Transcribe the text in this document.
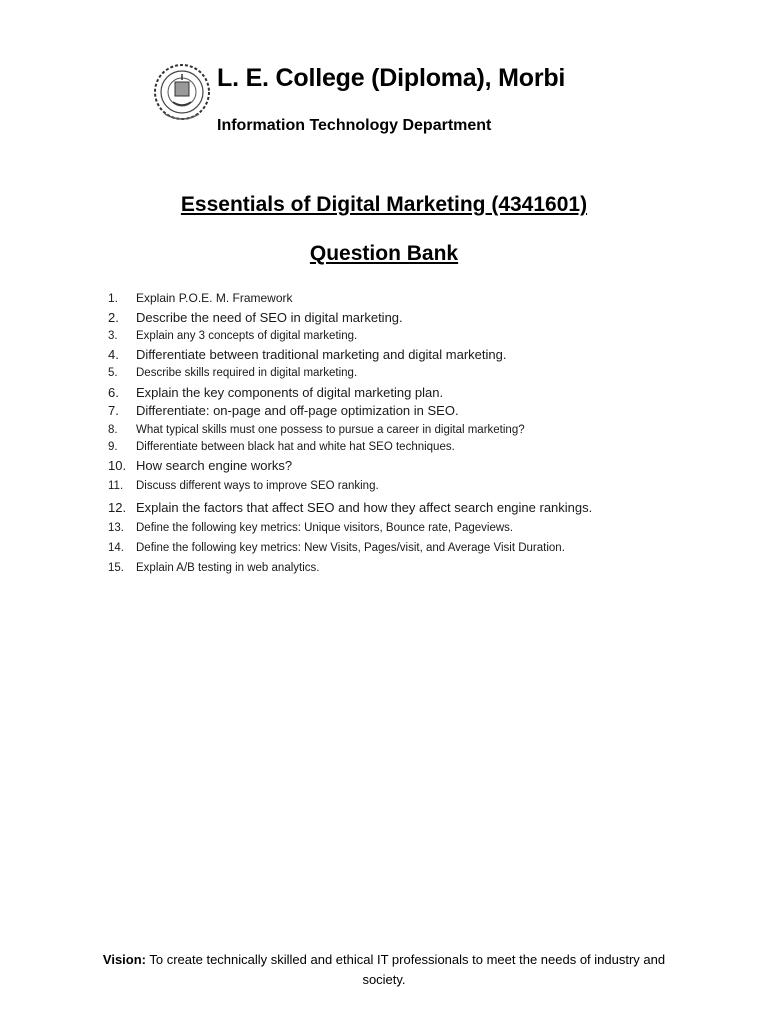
L. E. College (Diploma), Morbi
Information Technology Department
Essentials of Digital Marketing (4341601)
Question Bank
1. Explain P.O.E. M. Framework
2. Describe the need of SEO in digital marketing.
3. Explain any 3 concepts of digital marketing.
4. Differentiate between traditional marketing and digital marketing.
5. Describe skills required in digital marketing.
6. Explain the key components of digital marketing plan.
7. Differentiate: on-page and off-page optimization in SEO.
8. What typical skills must one possess to pursue a career in digital marketing?
9. Differentiate between black hat and white hat SEO techniques.
10. How search engine works?
11. Discuss different ways to improve SEO ranking.
12. Explain the factors that affect SEO and how they affect search engine rankings.
13. Define the following key metrics: Unique visitors, Bounce rate, Pageviews.
14. Define the following key metrics: New Visits, Pages/visit, and Average Visit Duration.
15. Explain A/B testing in web analytics.
Vision: To create technically skilled and ethical IT professionals to meet the needs of industry and society.
